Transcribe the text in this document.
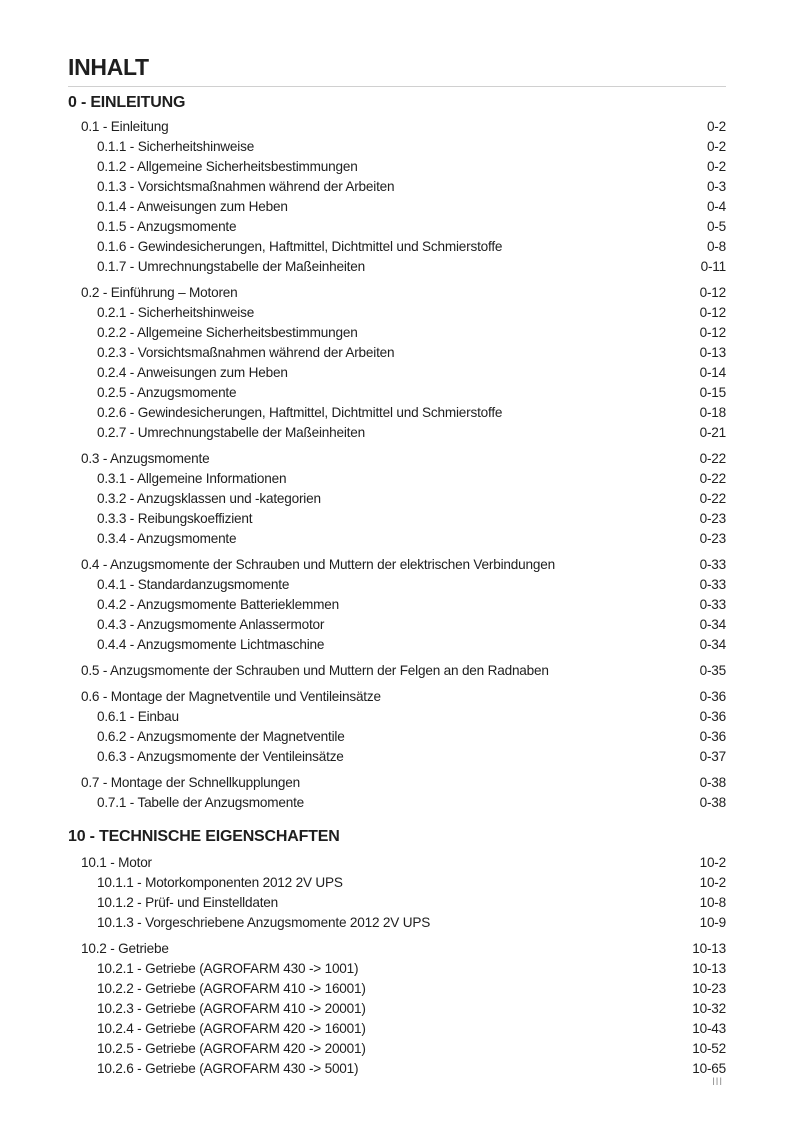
INHALT
0 - EINLEITUNG
0.1 - Einleitung	0-2
0.1.1 - Sicherheitshinweise	0-2
0.1.2 - Allgemeine Sicherheitsbestimmungen	0-2
0.1.3 - Vorsichtsmaßnahmen während der Arbeiten	0-3
0.1.4 - Anweisungen zum Heben	0-4
0.1.5 - Anzugsmomente	0-5
0.1.6 - Gewindesicherungen, Haftmittel, Dichtmittel und Schmierstoffe	0-8
0.1.7 - Umrechnungstabelle der Maßeinheiten	0-11
0.2 - Einführung – Motoren	0-12
0.2.1 - Sicherheitshinweise	0-12
0.2.2 - Allgemeine Sicherheitsbestimmungen	0-12
0.2.3 - Vorsichtsmaßnahmen während der Arbeiten	0-13
0.2.4 - Anweisungen zum Heben	0-14
0.2.5 - Anzugsmomente	0-15
0.2.6 - Gewindesicherungen, Haftmittel, Dichtmittel und Schmierstoffe	0-18
0.2.7 - Umrechnungstabelle der Maßeinheiten	0-21
0.3 - Anzugsmomente	0-22
0.3.1 - Allgemeine Informationen	0-22
0.3.2 - Anzugsklassen und -kategorien	0-22
0.3.3 - Reibungskoeffizient	0-23
0.3.4 - Anzugsmomente	0-23
0.4 - Anzugsmomente der Schrauben und Muttern der elektrischen Verbindungen	0-33
0.4.1 - Standardanzugsmomente	0-33
0.4.2 - Anzugsmomente Batterieklemmen	0-33
0.4.3 - Anzugsmomente Anlassermotor	0-34
0.4.4 - Anzugsmomente Lichtmaschine	0-34
0.5 - Anzugsmomente der Schrauben und Muttern der Felgen an den Radnaben	0-35
0.6 - Montage der Magnetventile und Ventileinsätze	0-36
0.6.1 - Einbau	0-36
0.6.2 - Anzugsmomente der Magnetventile	0-36
0.6.3 - Anzugsmomente der Ventileinsätze	0-37
0.7 - Montage der Schnellkupplungen	0-38
0.7.1 - Tabelle der Anzugsmomente	0-38
10 - TECHNISCHE EIGENSCHAFTEN
10.1 - Motor	10-2
10.1.1 - Motorkomponenten 2012 2V UPS	10-2
10.1.2 - Prüf- und Einstelldaten	10-8
10.1.3 - Vorgeschriebene Anzugsmomente 2012 2V UPS	10-9
10.2 - Getriebe	10-13
10.2.1 - Getriebe (AGROFARM 430 -> 1001)	10-13
10.2.2 - Getriebe (AGROFARM 410 -> 16001)	10-23
10.2.3 - Getriebe (AGROFARM 410 -> 20001)	10-32
10.2.4 - Getriebe (AGROFARM 420 -> 16001)	10-43
10.2.5 - Getriebe (AGROFARM 420 -> 20001)	10-52
10.2.6 - Getriebe (AGROFARM 430 -> 5001)	10-65
III
